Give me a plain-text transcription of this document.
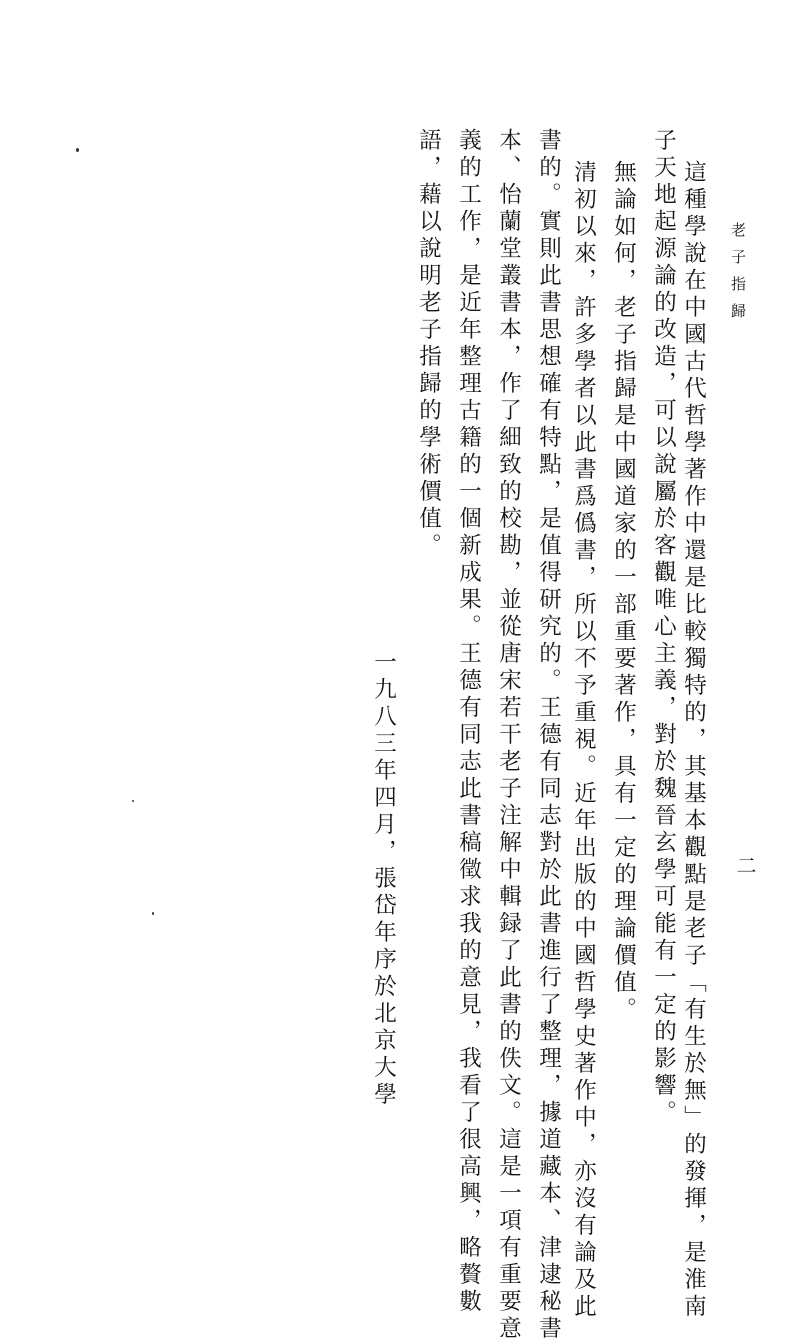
老子指歸
二
這種學說在中國古代哲學著作中還是比較獨特的，其基本觀點是老子「有生於無」的發揮，是淮南
子天地起源論的改造，可以說屬於客觀唯心主義，對於魏晉玄學可能有一定的影響。
無論如何，老子指歸是中國道家的一部重要著作，具有一定的理論價值。
清初以來，許多學者以此書爲僞書，所以不予重視。近年出版的中國哲學史著作中，亦沒有論及此
書的。實則此書思想確有特點，是值得研究的。王德有同志對於此書進行了整理，據道藏本、津逮秘書
本、怡蘭堂叢書本，作了細致的校勘，並從唐宋若干老子注解中輯録了此書的佚文。這是一項有重要意
義的工作，是近年整理古籍的一個新成果。王德有同志此書稿徵求我的意見，我看了很高興，略贅數
語，藉以說明老子指歸的學術價值。
一九八三年四月，張岱年序於北京大學
